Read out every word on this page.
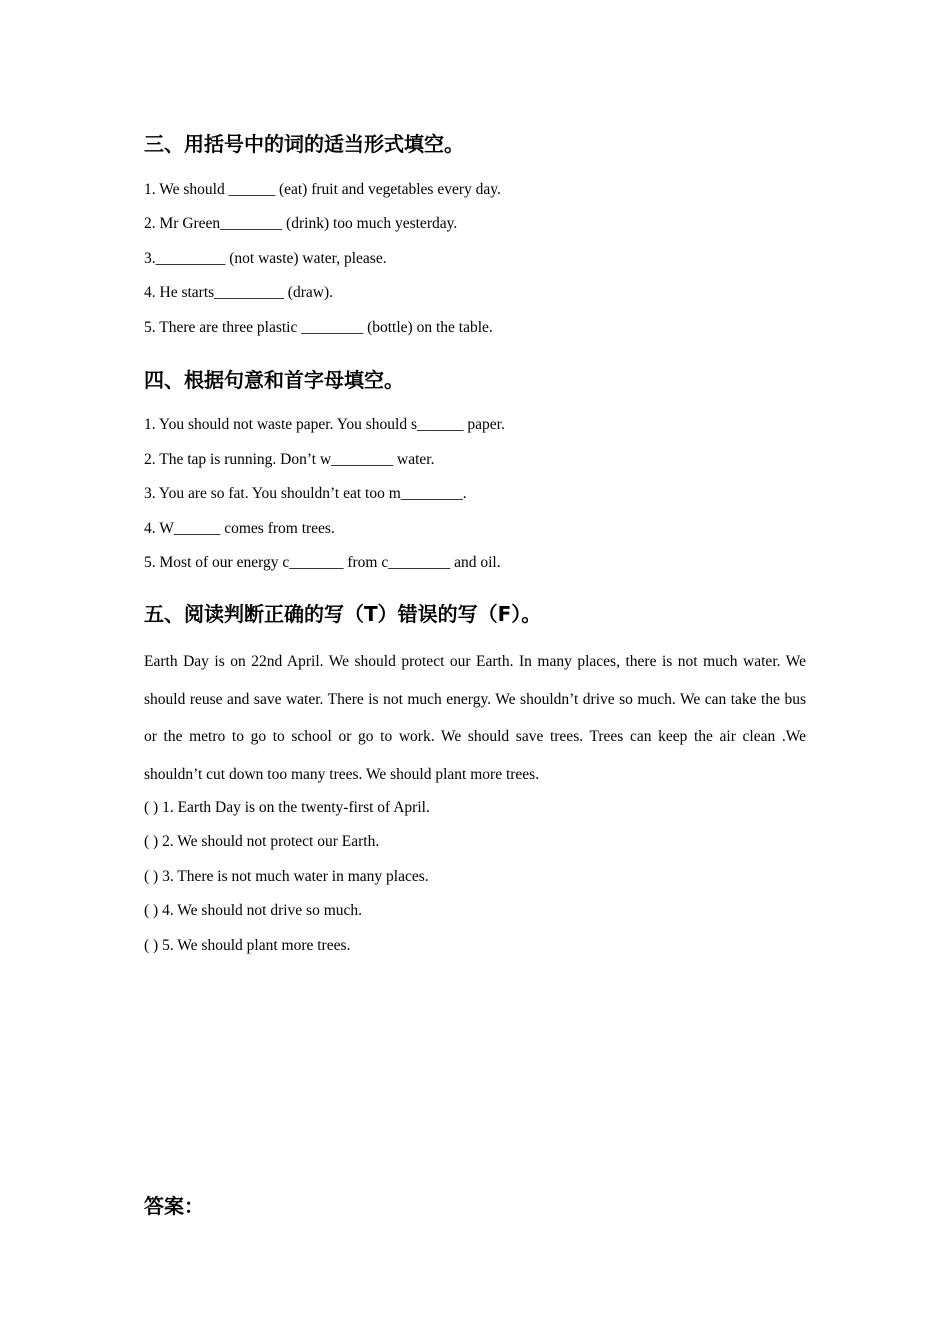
三、用括号中的词的适当形式填空。

1. We should ______ (eat) fruit and vegetables every day.

2. Mr Green________ (drink) too much yesterday.

3._________ (not waste) water, please.

4. He starts_________ (draw).

5. There are three plastic ________ (bottle) on the table.

四、根据句意和首字母填空。

1. You should not waste paper. You should s______ paper.

2. The tap is running. Don’t w________ water.

3. You are so fat. You shouldn’t eat too m________.

4. W______ comes from trees.

5. Most of our energy c_______ from c________ and oil.

五、阅读判断正确的写（T）错误的写（F）。

Earth Day is on 22nd April. We should protect our Earth. In many places, there is not much water. We should reuse and save water. There is not much energy. We shouldn’t drive so much. We can take the bus or the metro to go to school or go to work. We should save trees. Trees can keep the air clean .We shouldn’t cut down too many trees. We should plant more trees.

( ) 1. Earth Day is on the twenty-first of April.

( ) 2. We should not protect our Earth.

( ) 3. There is not much water in many places.

( ) 4. We should not drive so much.

( ) 5. We should plant more trees.

答案：
